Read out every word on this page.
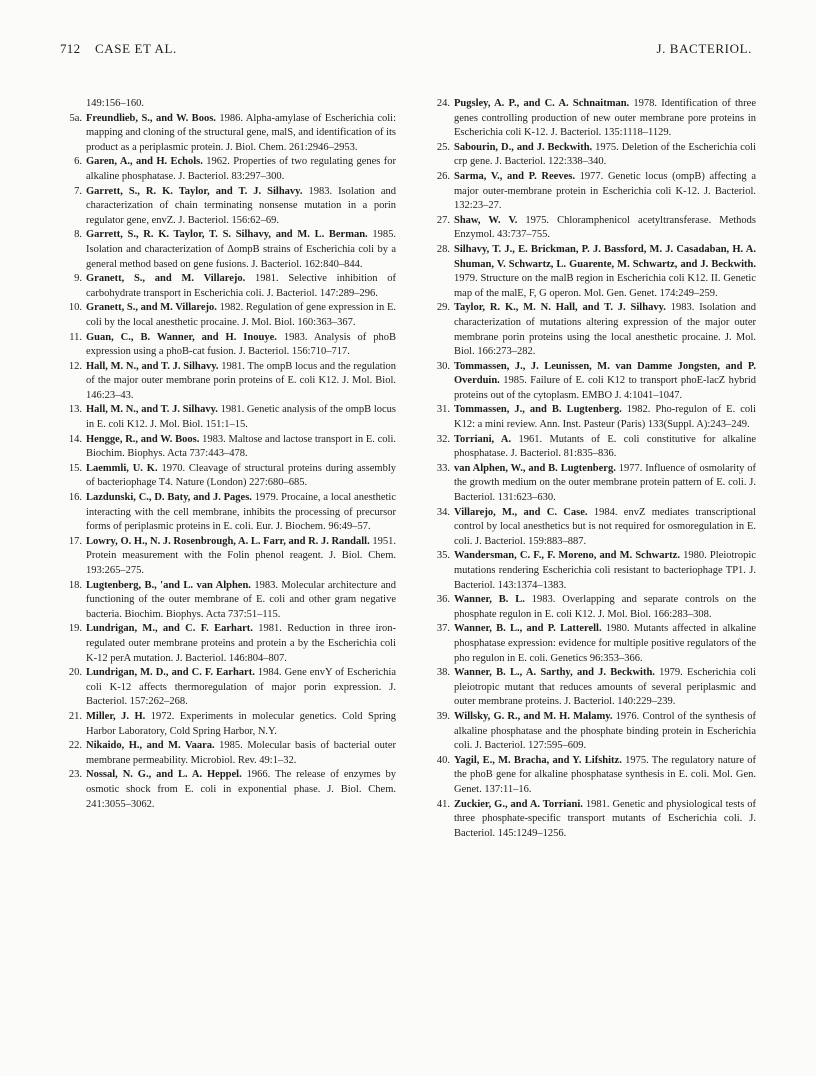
712 CASE ET AL.	J. BACTERIOL.
149:156–160.
5a. Freundlieb, S., and W. Boos. 1986. Alpha-amylase of Escherichia coli: mapping and cloning of the structural gene, malS, and identification of its product as a periplasmic protein. J. Biol. Chem. 261:2946–2953.
6. Garen, A., and H. Echols. 1962. Properties of two regulating genes for alkaline phosphatase. J. Bacteriol. 83:297–300.
7. Garrett, S., R. K. Taylor, and T. J. Silhavy. 1983. Isolation and characterization of chain terminating nonsense mutation in a porin regulator gene, envZ. J. Bacteriol. 156:62–69.
8. Garrett, S., R. K. Taylor, T. S. Silhavy, and M. L. Berman. 1985. Isolation and characterization of ΔompB strains of Escherichia coli by a general method based on gene fusions. J. Bacteriol. 162:840–844.
9. Granett, S., and M. Villarejo. 1981. Selective inhibition of carbohydrate transport in Escherichia coli. J. Bacteriol. 147:289–296.
10. Granett, S., and M. Villarejo. 1982. Regulation of gene expression in E. coli by the local anesthetic procaine. J. Mol. Biol. 160:363–367.
11. Guan, C., B. Wanner, and H. Inouye. 1983. Analysis of phoB expression using a phoB-cat fusion. J. Bacteriol. 156:710–717.
12. Hall, M. N., and T. J. Silhavy. 1981. The ompB locus and the regulation of the major outer membrane porin proteins of E. coli K12. J. Mol. Biol. 146:23–43.
13. Hall, M. N., and T. J. Silhavy. 1981. Genetic analysis of the ompB locus in E. coli K12. J. Mol. Biol. 151:1–15.
14. Hengge, R., and W. Boos. 1983. Maltose and lactose transport in E. coli. Biochim. Biophys. Acta 737:443–478.
15. Laemmli, U. K. 1970. Cleavage of structural proteins during assembly of bacteriophage T4. Nature (London) 227:680–685.
16. Lazdunski, C., D. Baty, and J. Pages. 1979. Procaine, a local anesthetic interacting with the cell membrane, inhibits the processing of precursor forms of periplasmic proteins in E. coli. Eur. J. Biochem. 96:49–57.
17. Lowry, O. H., N. J. Rosenbrough, A. L. Farr, and R. J. Randall. 1951. Protein measurement with the Folin phenol reagent. J. Biol. Chem. 193:265–275.
18. Lugtenberg, B., 'and L. van Alphen. 1983. Molecular architecture and functioning of the outer membrane of E. coli and other gram negative bacteria. Biochim. Biophys. Acta 737:51–115.
19. Lundrigan, M., and C. F. Earhart. 1981. Reduction in three iron-regulated outer membrane proteins and protein a by the Escherichia coli K-12 perA mutation. J. Bacteriol. 146:804–807.
20. Lundrigan, M. D., and C. F. Earhart. 1984. Gene envY of Escherichia coli K-12 affects thermoregulation of major porin expression. J. Bacteriol. 157:262–268.
21. Miller, J. H. 1972. Experiments in molecular genetics. Cold Spring Harbor Laboratory, Cold Spring Harbor, N.Y.
22. Nikaido, H., and M. Vaara. 1985. Molecular basis of bacterial outer membrane permeability. Microbiol. Rev. 49:1–32.
23. Nossal, N. G., and L. A. Heppel. 1966. The release of enzymes by osmotic shock from E. coli in exponential phase. J. Biol. Chem. 241:3055–3062.
24. Pugsley, A. P., and C. A. Schnaitman. 1978. Identification of three genes controlling production of new outer membrane pore proteins in Escherichia coli K-12. J. Bacteriol. 135:1118–1129.
25. Sabourin, D., and J. Beckwith. 1975. Deletion of the Escherichia coli crp gene. J. Bacteriol. 122:338–340.
26. Sarma, V., and P. Reeves. 1977. Genetic locus (ompB) affecting a major outer-membrane protein in Escherichia coli K-12. J. Bacteriol. 132:23–27.
27. Shaw, W. V. 1975. Chloramphenicol acetyltransferase. Methods Enzymol. 43:737–755.
28. Silhavy, T. J., E. Brickman, P. J. Bassford, M. J. Casadaban, H. A. Shuman, V. Schwartz, L. Guarente, M. Schwartz, and J. Beckwith. 1979. Structure on the malB region in Escherichia coli K12. II. Genetic map of the malE, F, G operon. Mol. Gen. Genet. 174:249–259.
29. Taylor, R. K., M. N. Hall, and T. J. Silhavy. 1983. Isolation and characterization of mutations altering expression of the major outer membrane porin proteins using the local anesthetic procaine. J. Mol. Biol. 166:273–282.
30. Tommassen, J., J. Leunissen, M. van Damme Jongsten, and P. Overduin. 1985. Failure of E. coli K12 to transport phoE-lacZ hybrid proteins out of the cytoplasm. EMBO J. 4:1041–1047.
31. Tommassen, J., and B. Lugtenberg. 1982. Pho-regulon of E. coli K12: a mini review. Ann. Inst. Pasteur (Paris) 133(Suppl. A):243–249.
32. Torriani, A. 1961. Mutants of E. coli constitutive for alkaline phosphatase. J. Bacteriol. 81:835–836.
33. van Alphen, W., and B. Lugtenberg. 1977. Influence of osmolarity of the growth medium on the outer membrane protein pattern of E. coli. J. Bacteriol. 131:623–630.
34. Villarejo, M., and C. Case. 1984. envZ mediates transcriptional control by local anesthetics but is not required for osmoregulation in E. coli. J. Bacteriol. 159:883–887.
35. Wandersman, C. F., F. Moreno, and M. Schwartz. 1980. Pleiotropic mutations rendering Escherichia coli resistant to bacteriophage TP1. J. Bacteriol. 143:1374–1383.
36. Wanner, B. L. 1983. Overlapping and separate controls on the phosphate regulon in E. coli K12. J. Mol. Biol. 166:283–308.
37. Wanner, B. L., and P. Latterell. 1980. Mutants affected in alkaline phosphatase expression: evidence for multiple positive regulators of the pho regulon in E. coli. Genetics 96:353–366.
38. Wanner, B. L., A. Sarthy, and J. Beckwith. 1979. Escherichia coli pleiotropic mutant that reduces amounts of several periplasmic and outer membrane proteins. J. Bacteriol. 140:229–239.
39. Willsky, G. R., and M. H. Malamy. 1976. Control of the synthesis of alkaline phosphatase and the phosphate binding protein in Escherichia coli. J. Bacteriol. 127:595–609.
40. Yagil, E., M. Bracha, and Y. Lifshitz. 1975. The regulatory nature of the phoB gene for alkaline phosphatase synthesis in E. coli. Mol. Gen. Genet. 137:11–16.
41. Zuckier, G., and A. Torriani. 1981. Genetic and physiological tests of three phosphate-specific transport mutants of Escherichia coli. J. Bacteriol. 145:1249–1256.
